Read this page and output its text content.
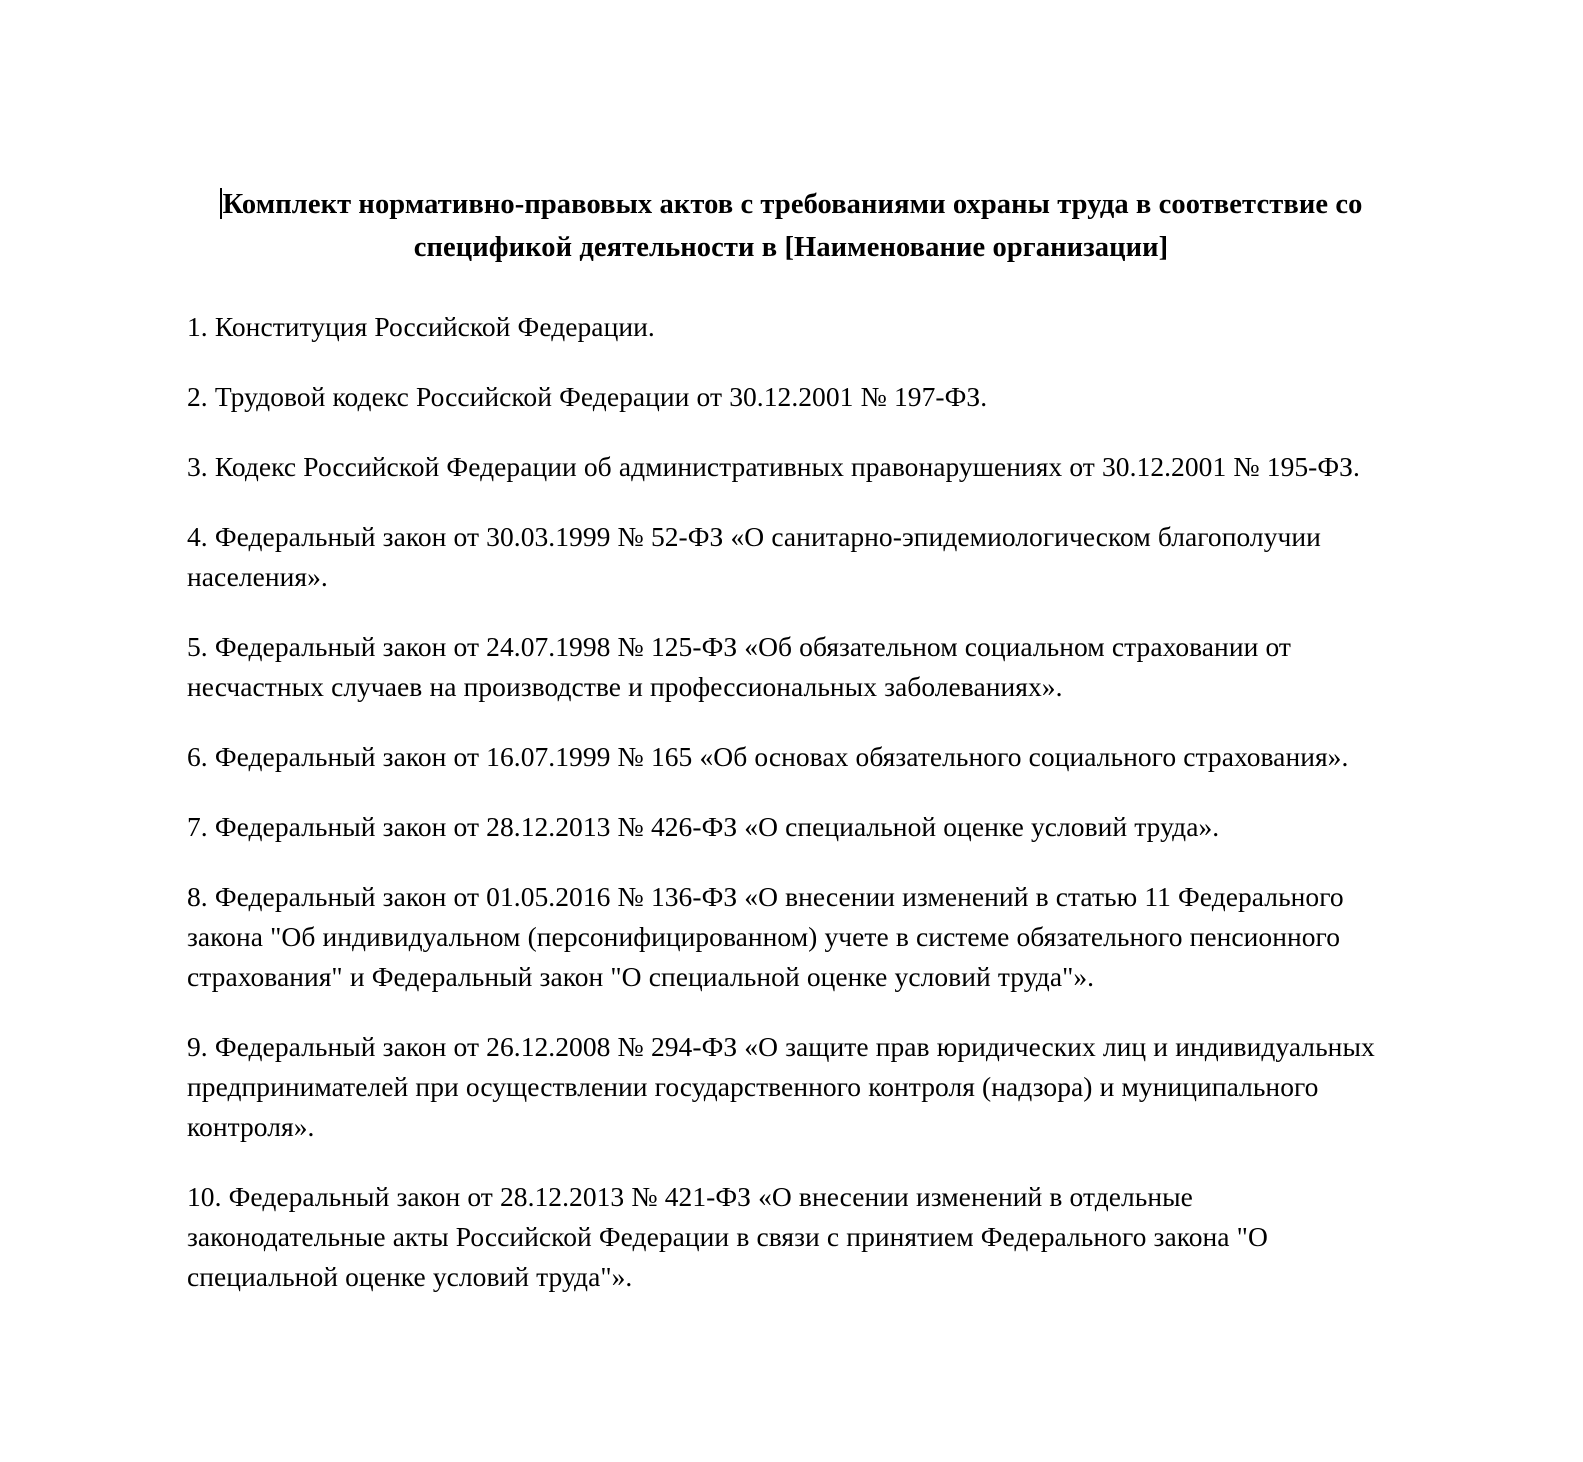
Комплект нормативно-правовых актов с требованиями охраны труда в соответствие со спецификой деятельности в [Наименование организации]

1. Конституция Российской Федерации.

2. Трудовой кодекс Российской Федерации от 30.12.2001 № 197-ФЗ.

3. Кодекс Российской Федерации об административных правонарушениях от 30.12.2001 № 195-ФЗ.

4. Федеральный закон от 30.03.1999 № 52-ФЗ «О санитарно-эпидемиологическом благополучии населения».

5. Федеральный закон от 24.07.1998 № 125-ФЗ «Об обязательном социальном страховании от несчастных случаев на производстве и профессиональных заболеваниях».

6. Федеральный закон от 16.07.1999 № 165 «Об основах обязательного социального страхования».

7. Федеральный закон от 28.12.2013 № 426-ФЗ «О специальной оценке условий труда».

8. Федеральный закон от 01.05.2016 № 136-ФЗ «О внесении изменений в статью 11 Федерального закона "Об индивидуальном (персонифицированном) учете в системе обязательного пенсионного страхования" и Федеральный закон "О специальной оценке условий труда"».

9. Федеральный закон от 26.12.2008 № 294-ФЗ «О защите прав юридических лиц и индивидуальных предпринимателей при осуществлении государственного контроля (надзора) и муниципального контроля».

10. Федеральный закон от 28.12.2013 № 421-ФЗ «О внесении изменений в отдельные законодательные акты Российской Федерации в связи с принятием Федерального закона "О специальной оценке условий труда"».
